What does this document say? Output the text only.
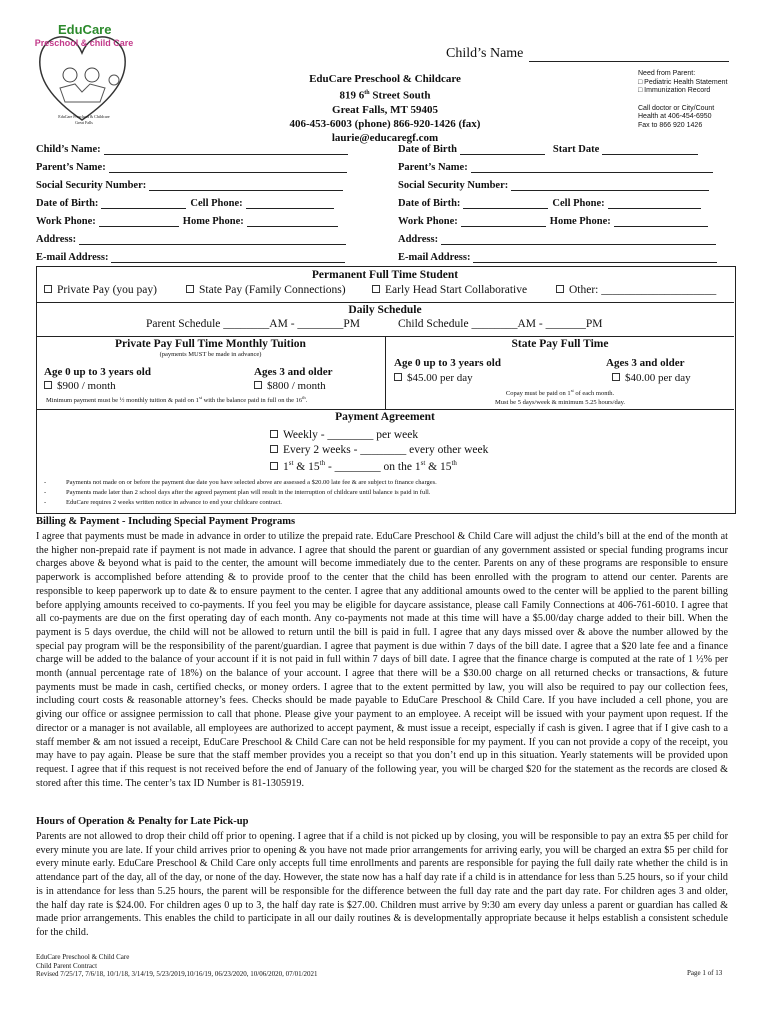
EduCare
Preschool & child Care
EduCare Preschool & Childcare
Great Falls
Child’s Name
EduCare Preschool & Childcare
819 6th Street South
Great Falls, MT 59405
406-453-6003 (phone) 866-920-1426 (fax)
laurie@educaregf.com
Need from Parent:
□ Pediatric Health Statement
□ Immunization Record
Call doctor or City/Count
Health at 406-454-6950
Fax to 866 920 1426
Child’s Name:
Parent’s Name:
Social Security Number:
Date of Birth:	Cell Phone:
Work Phone:	Home Phone:
Address:
E-mail Address:
Date of Birth	Start Date
Parent’s Name:
Social Security Number:
Date of Birth:	Cell Phone:
Work Phone:	Home Phone:
Address:
E-mail Address:
Permanent Full Time Student
Private Pay (you pay)	State Pay (Family Connections)	Early Head Start Collaborative	Other: ____________________
Daily Schedule
Parent Schedule ________AM - ________PM	Child Schedule ________AM - _______PM
Private Pay Full Time Monthly Tuition
(payments MUST be made in advance)
Age 0 up to 3 years old
$900 / month
Ages 3 and older
$800 / month
Minimum payment must be ½ monthly tuition & paid on 1st with the balance paid in full on the 16th.
State Pay Full Time
Age 0 up to 3 years old
$45.00 per day
Ages 3 and older
$40.00 per day
Copay must be paid on 1st of each month.
Must be 5 days/week & minimum 5.25 hours/day.
Payment Agreement
Weekly - ________ per week
Every 2 weeks - ________ every other week
1st & 15th - ________ on the 1st & 15th
-	Payments not made on or before the payment due date you have selected above are assessed a $20.00 late fee & are subject to finance charges.
-	Payments made later than 2 school days after the agreed payment plan will result in the interruption of childcare until balance is paid in full.
-	EduCare requires 2 weeks written notice in advance to end your childcare contract.
Billing & Payment - Including Special Payment Programs
I agree that payments must be made in advance in order to utilize the prepaid rate. EduCare Preschool & Child Care will adjust the child’s bill at the end of the month at the higher non-prepaid rate if payment is not made in advance. I agree that should the parent or guardian of any government assisted or special funding programs incur charges above & beyond what is paid to the center, the amount will become immediately due to the center. Parents on any of these programs are responsible to ensure paperwork is accomplished before attending & to provide proof to the center that the child has been enrolled with the program to attend our center. Parents are responsible to keep paperwork up to date & to ensure payment to the center. I agree that any additional amounts owed to the center will be applied to the parent billing before applying amounts received to co-payments. If you feel you may be eligible for daycare assistance, please call Family Connections at 406-761-6010. I agree that all co-payments are due on the first operating day of each month. Any co-payments not made at this time will have a $5.00/day charge added to their bill. When the payment is 5 days overdue, the child will not be allowed to return until the bill is paid in full. I agree that any days missed over & above the number allowed by the special pay program will be the responsibility of the parent/guardian. I agree that payment is due within 7 days of the bill date. I agree that a $20 late fee and a finance charge will be added to the balance of your account if it is not paid in full within 7 days of bill date. I agree that the finance charge is computed at the rate of 1 ½% per month (annual percentage rate of 18%) on the balance of your account. I agree that there will be a $30.00 charge on all returned checks or transactions, & future payments must be made in cash, certified checks, or money orders. I agree that to the extent permitted by law, you will also be required to pay our collection fees, including court costs & reasonable attorney’s fees. Checks should be made payable to EduCare Preschool & Child Care. If you have included a cell phone, you are giving our office or assignee permission to call that phone. Please give your payment to an employee. A receipt will be issued with your payment upon request. If the director or a manager is not available, all employees are authorized to accept payment, & must issue a receipt, especially if cash is given. I agree that if I give cash to a staff member & am not issued a receipt, EduCare Preschool & Child Care can not be held responsible for my payment. If you can not provide a copy of the receipt, you may have to pay again. Please be sure that the staff member provides you a receipt so that you don’t end up in this situation. Yearly statements will be provided upon request. I agree that if this request is not received before the end of January of the following year, you will be charged $20 for the statement as the records are closed & stored after this time. The center’s tax ID Number is 81-1305919.
Hours of Operation & Penalty for Late Pick-up
Parents are not allowed to drop their child off prior to opening. I agree that if a child is not picked up by closing, you will be responsible to pay an extra $5 per child for every minute you are late. If your child arrives prior to opening & you have not made prior arrangements for arriving early, you will be charged an extra $5 per child for every minute early. EduCare Preschool & Child Care only accepts full time enrollments and parents are responsible for paying the full daily rate whether the child is in attendance part of the day, all of the day, or none of the day. However, the state now has a half day rate if a child is in attendance for less than 5.25 hours, so if your child is in attendance for less than 5.25 hours, the parent will be responsible for the difference between the full day rate and the part day rate. For children ages 3 and older, the half day rate is $24.00. For children ages 0 up to 3, the half day rate is $27.00. Children must arrive by 9:30 am every day unless a parent or guardian has called & made prior arrangements. This enables the child to participate in all our daily routines & is developmentally appropriate because it helps establish a consistent schedule for the child.
EduCare Preschool & Child Care
Child Parent Contract
Revised 7/25/17, 7/6/18, 10/1/18, 3/14/19, 5/23/2019,10/16/19, 06/23/2020, 10/06/2020, 07/01/2021	Page 1 of 13
